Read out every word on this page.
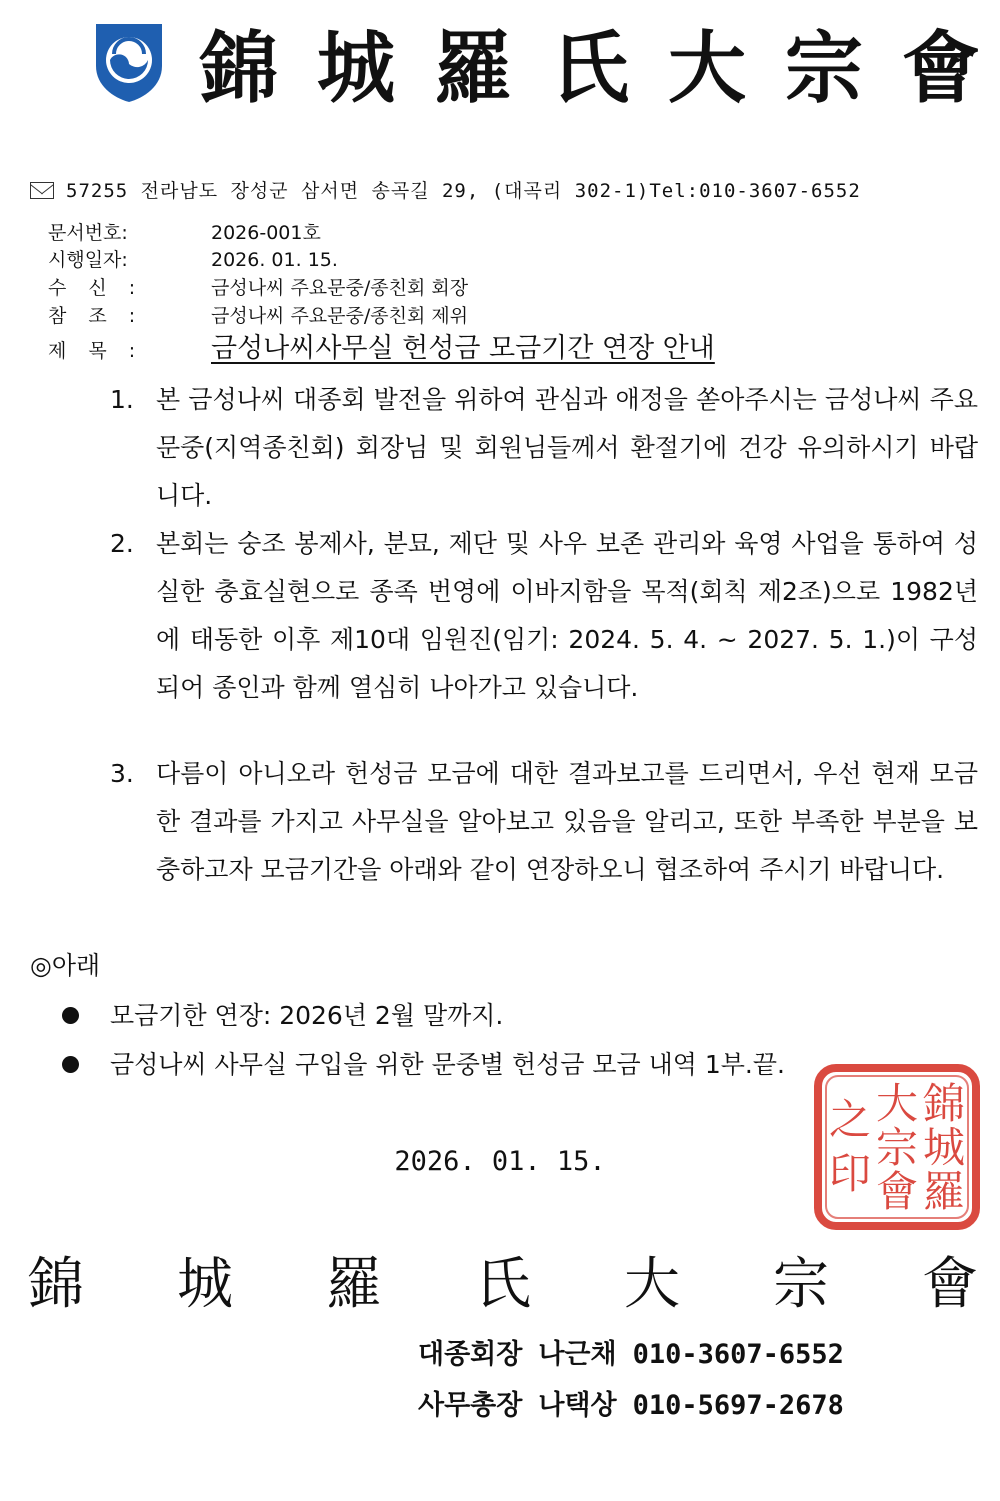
錦 城 羅 氏 大 宗 會
57255 전라남도 장성군 삼서면 송곡길 29, (대곡리 302-1)Tel:010-3607-6552
문서번호:	2026-001호
시행일자:	2026. 01. 15.
수신:	금성나씨 주요문중/종친회 회장
참조:	금성나씨 주요문중/종친회 제위
제목: 금성나씨사무실 헌성금 모금기간 연장 안내
1. 본 금성나씨 대종회 발전을 위하여 관심과 애정을 쏟아주시는 금성나씨 주요문중(지역종친회) 회장님 및 회원님들께서 환절기에 건강 유의하시기 바랍니다.
2. 본회는 숭조 봉제사, 분묘, 제단 및 사우 보존 관리와 육영 사업을 통하여 성실한 충효실현으로 종족 번영에 이바지함을 목적(회칙 제2조)으로 1982년에 태동한 이후 제10대 임원진(임기: 2024. 5. 4. ~ 2027. 5. 1.)이 구성되어 종인과 함께 열심히 나아가고 있습니다.
3. 다름이 아니오라 헌성금 모금에 대한 결과보고를 드리면서, 우선 현재 모금한 결과를 가지고 사무실을 알아보고 있음을 알리고, 또한 부족한 부분을 보충하고자 모금기간을 아래와 같이 연장하오니 협조하여 주시기 바랍니다.
◎아래
모금기한 연장: 2026년 2월 말까지.
금성나씨 사무실 구입을 위한 문중별 헌성금 모금 내역 1부.끝.
2026. 01. 15.
錦
城
羅
大
宗
會
之
印
錦 城 羅 氏 大 宗 會
대종회장 나근채 010-3607-6552
사무총장 나택상 010-5697-2678
